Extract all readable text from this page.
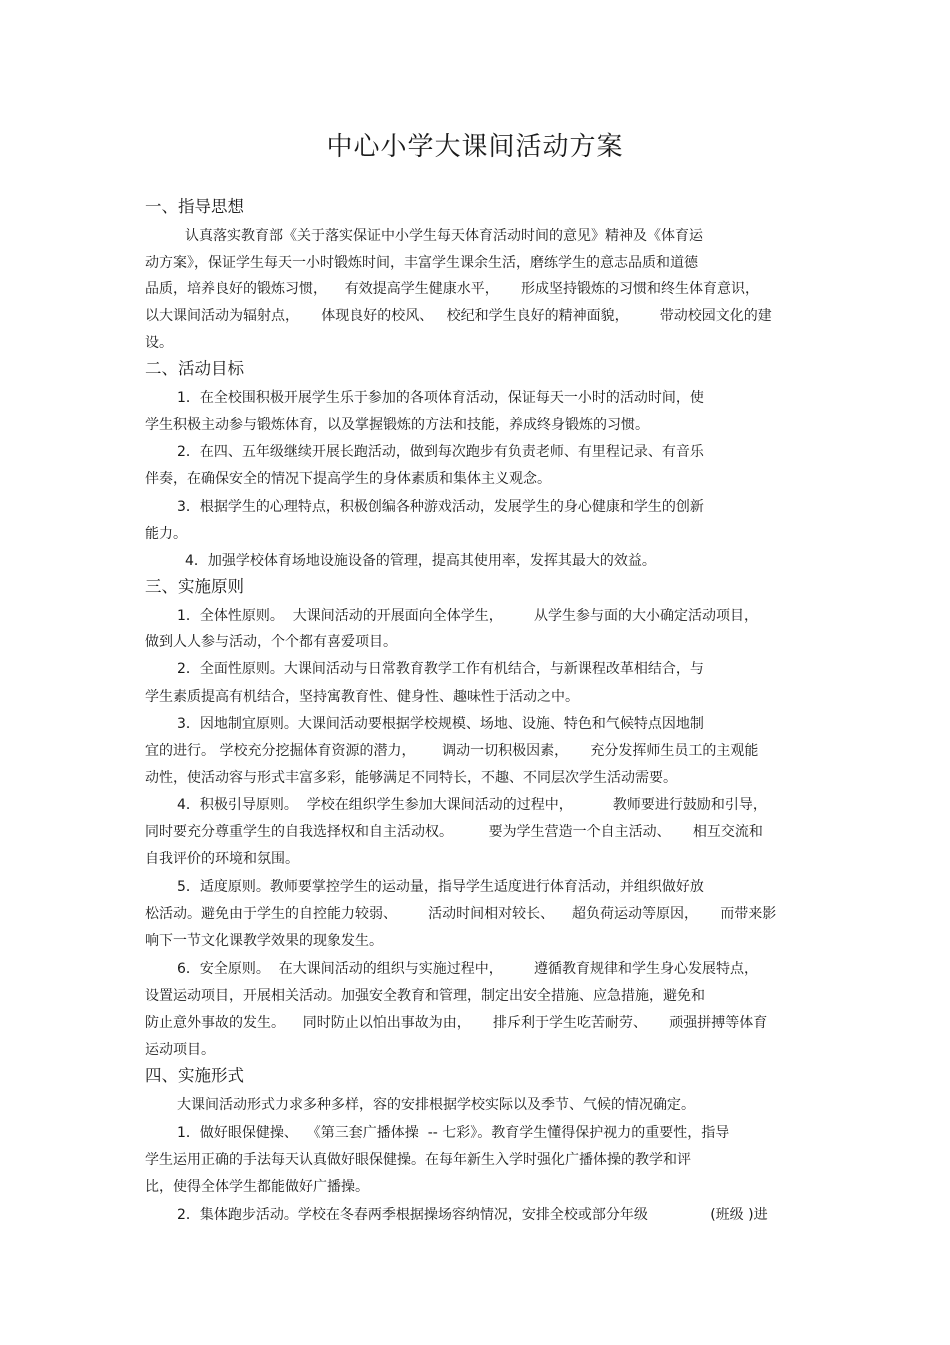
中心小学大课间活动方案
一、指导思想
认真落实教育部《关于落实保证中小学生每天体育活动时间的意见》精神及《体育运
动方案》，保证学生每天一小时锻炼时间，丰富学生课余生活，磨练学生的意志品质和道德
品质，培养良好的锻炼习惯，    有效提高学生健康水平，     形成坚持锻炼的习惯和终生体育意识，
以大课间活动为辐射点，     体现良好的校风、   校纪和学生良好的精神面貌，       带动校园文化的建
设。
二、活动目标
1．在全校围积极开展学生乐于参加的各项体育活动，保证每天一小时的活动时间，使
学生积极主动参与锻炼体育，以及掌握锻炼的方法和技能，养成终身锻炼的习惯。
2．在四、五年级继续开展长跑活动，做到每次跑步有负责老师、有里程记录、有音乐
伴奏，在确保安全的情况下提高学生的身体素质和集体主义观念。
3．根据学生的心理特点，积极创编各种游戏活动，发展学生的身心健康和学生的创新
能力。
4．加强学校体育场地设施设备的管理，提高其使用率，发挥其最大的效益。
三、实施原则
1．全体性原则。  大课间活动的开展面向全体学生，       从学生参与面的大小确定活动项目，
做到人人参与活动，个个都有喜爱项目。
2．全面性原则。大课间活动与日常教育教学工作有机结合，与新课程改革相结合，与
学生素质提高有机结合，坚持寓教育性、健身性、趣味性于活动之中。
3．因地制宜原则。大课间活动要根据学校规模、场地、设施、特色和气候特点因地制
宜的进行。 学校充分挖掘体育资源的潜力，      调动一切积极因素，     充分发挥师生员工的主观能
动性，使活动容与形式丰富多彩，能够满足不同特长，不趣、不同层次学生活动需要。
4．积极引导原则。  学校在组织学生参加大课间活动的过程中，         教师要进行鼓励和引导，
同时要充分尊重学生的自我选择权和自主活动权。        要为学生营造一个自主活动、     相互交流和
自我评价的环境和氛围。
5．适度原则。教师要掌控学生的运动量，指导学生适度进行体育活动，并组织做好放
松活动。避免由于学生的自控能力较弱、       活动时间相对较长、    超负荷运动等原因，     而带来影
响下一节文化课教学效果的现象发生。
6．安全原则。  在大课间活动的组织与实施过程中，       遵循教育规律和学生身心发展特点，
设置运动项目，开展相关活动。加强安全教育和管理，制定出安全措施、应急措施，避免和
防止意外事故的发生。    同时防止以怕出事故为由，     排斥利于学生吃苦耐劳、     顽强拼搏等体育
运动项目。
四、实施形式
大课间活动形式力求多种多样，容的安排根据学校实际以及季节、气候的情况确定。
1．做好眼保健操、  《第三套广播体操  -- 七彩》。教育学生懂得保护视力的重要性，指导
学生运用正确的手法每天认真做好眼保健操。在每年新生入学时强化广播体操的教学和评
比，使得全体学生都能做好广播操。
2．集体跑步活动。学校在冬春两季根据操场容纳情况，安排全校或部分年级              (班级 )进
